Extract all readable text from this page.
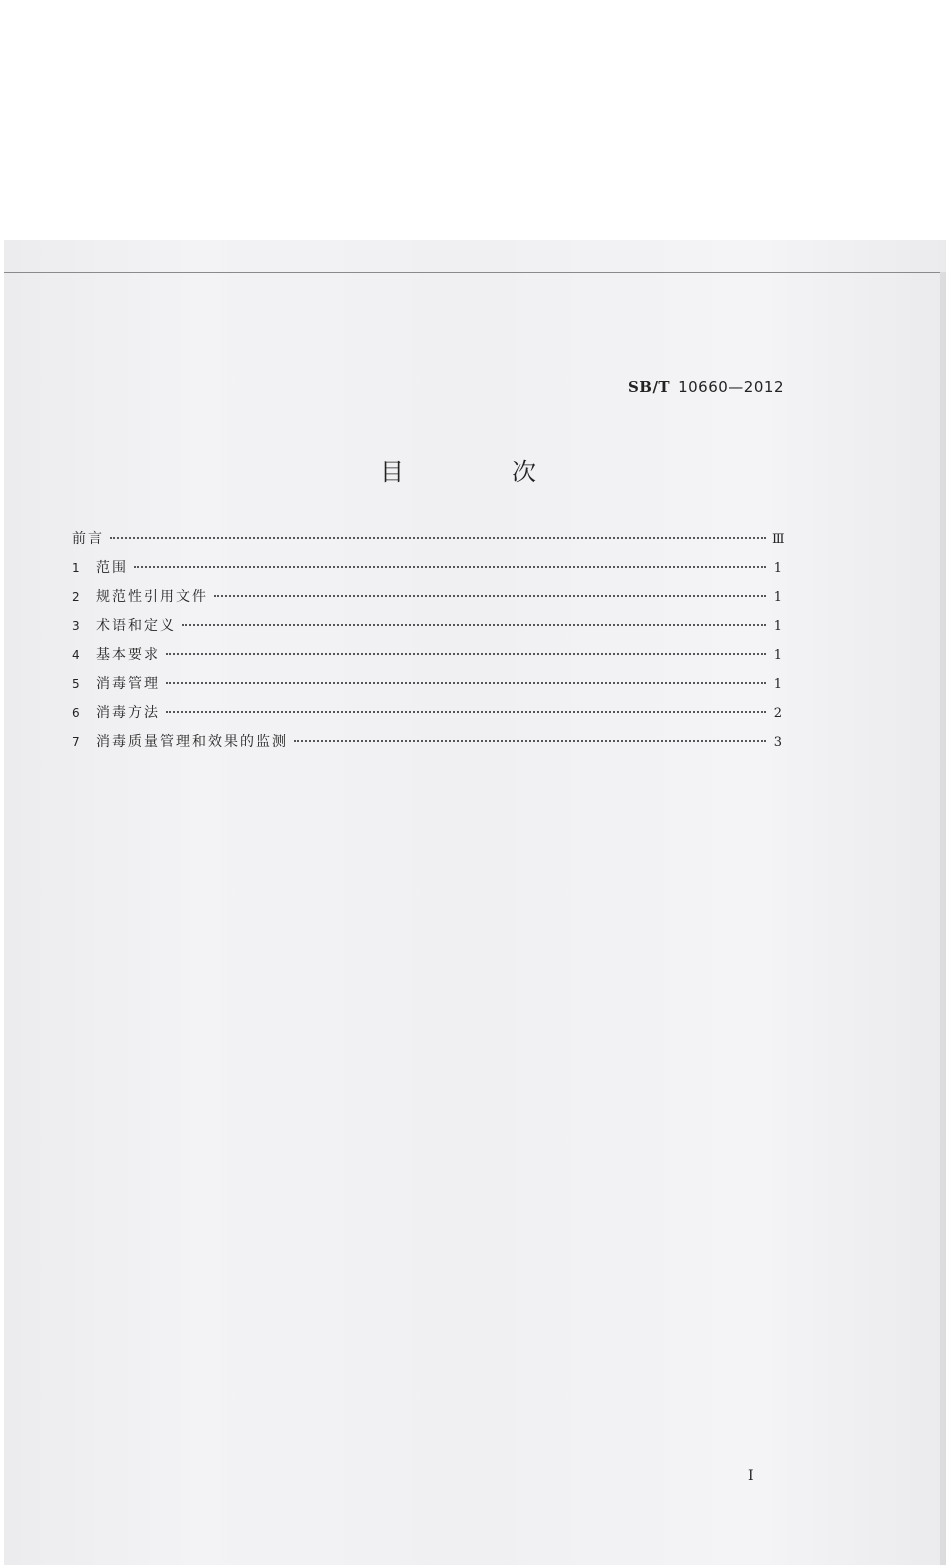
SB/T 10660—2012
目　次
前言	Ⅲ
1	范围	1
2	规范性引用文件	1
3	术语和定义	1
4	基本要求	1
5	消毒管理	1
6	消毒方法	2
7	消毒质量管理和效果的监测	3
I
